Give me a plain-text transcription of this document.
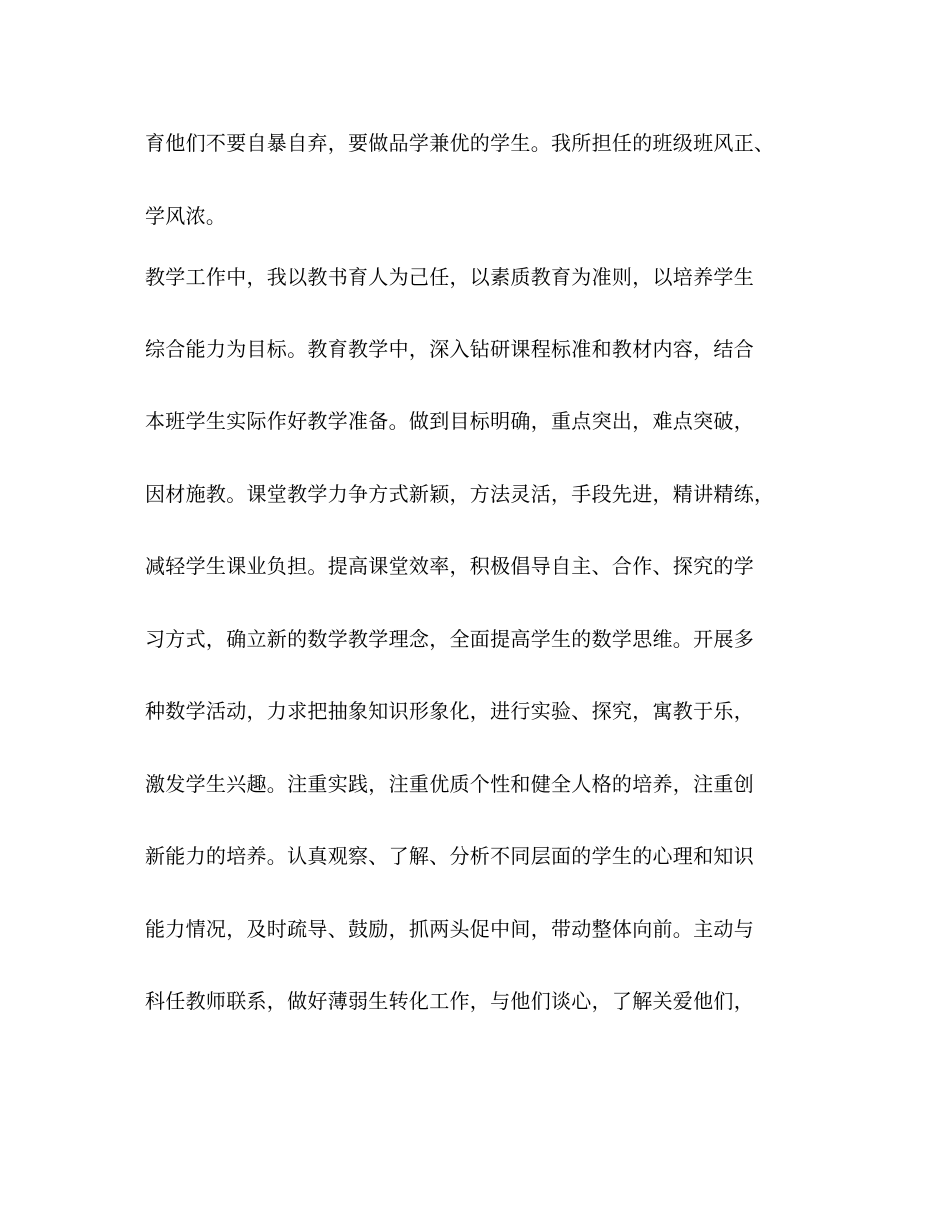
育他们不要自暴自弃，要做品学兼优的学生。我所担任的班级班风正、
学风浓。
教学工作中，我以教书育人为己任，以素质教育为准则，以培养学生
综合能力为目标。教育教学中，深入钻研课程标准和教材内容，结合
本班学生实际作好教学准备。做到目标明确，重点突出，难点突破，
因材施教。课堂教学力争方式新颖，方法灵活，手段先进，精讲精练，
减轻学生课业负担。提高课堂效率，积极倡导自主、合作、探究的学
习方式，确立新的数学教学理念，全面提高学生的数学思维。开展多
种数学活动，力求把抽象知识形象化，进行实验、探究，寓教于乐，
激发学生兴趣。注重实践，注重优质个性和健全人格的培养，注重创
新能力的培养。认真观察、了解、分析不同层面的学生的心理和知识
能力情况，及时疏导、鼓励，抓两头促中间，带动整体向前。主动与
科任教师联系，做好薄弱生转化工作，与他们谈心，了解关爱他们，
